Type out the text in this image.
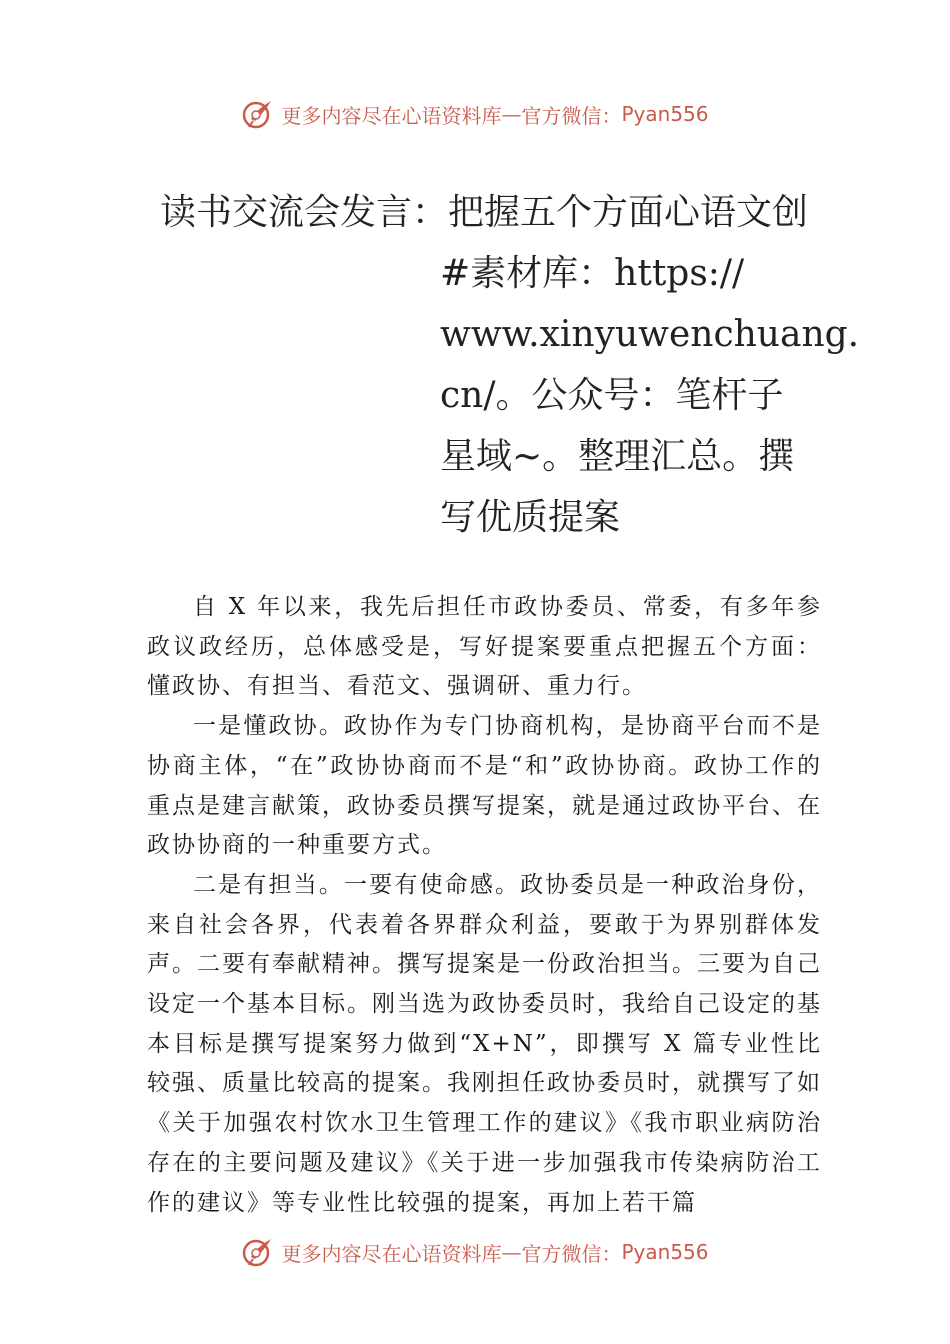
更多内容尽在心语资料库 — 官方微信： Pyan556
读书交流会发言：把握五个方面心语文创
#素材库：https://
www.xinyuwenchuang.
cn/。公众号：笔杆子
星域~。整理汇总。撰
写优质提案

自 X 年以来，我先后担任市政协委员、常委，有多年参政议政经历，总体感受是，写好提案要重点把握五个方面： 懂政协、有担当、看范文、强调研、重力行。

一是懂政协。政协作为专门协商机构，是协商平台而不是协商主体，“在”政协协商而不是“和”政协协商。政协工作的重点是建言献策，政协委员撰写提案，就是通过政协平台、在政协协商的一种重要方式。

二是有担当。一要有使命感。政协委员是一种政治身份，来自社会各界，代表着各界群众利益，要敢于为界别群体发声。二要有奉献精神。撰写提案是一份政治担当。三要为自己设定一个基本目标。刚当选为政协委员时，我给自己设定的基本目标是撰写提案努力做到“X+N”，即撰写 X 篇专业性比较强、质量比较高的提案。我刚担任政协委员时，就撰写了如《关于加强农村饮水卫生管理工作的建议》《我市职业病防治存在的主要问题及建议》《关于进一步加强我市传染病防治工作的建议》等专业性比较强的提案，再加上若干篇

更多内容尽在心语资料库 — 官方微信： Pyan556
